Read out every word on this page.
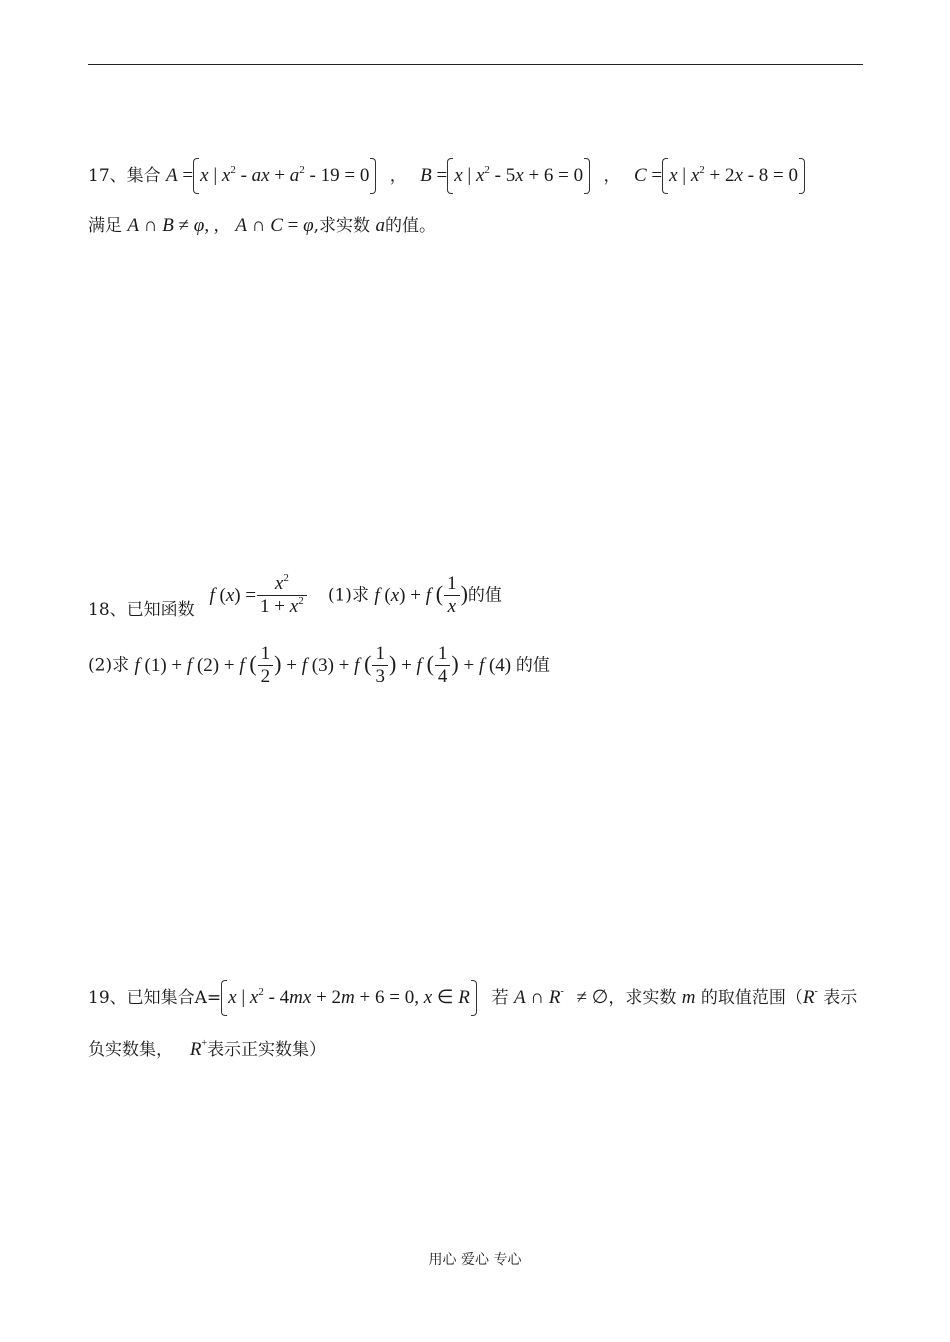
17、集合 A = x | $x^2$ - ax + $a^2 - 19 = 0$ ， B = x | $x^2 - 5x + 6 = 0$ ， C = x | $x^2 + 2x - 8 = 0$
满足 A ∩ B ≠ φ, , A ∩ C = φ,求实数 a的值。
18、已知函数  f $(x) = \frac{x^2}{1 + x^2} (1)$求 f (x) + f ( $\frac{1}{x}$ )的值
(2)求 f (1) + f (2) + f ( $\frac{1}{2}$ ) + f (3) + f ( $\frac{1}{3}$ ) + f ( $\frac{1}{4}$ ) + f (4) 的值
19、已知集合A= x | $x^2 - 4mx + 2m + 6 = 0$, x ∈ R 若 A ∩ R- ≠ ∅，求实数 m 的取值范围（R- 表示
负实数集， R+表示正实数集）
用心 爱心 专心
